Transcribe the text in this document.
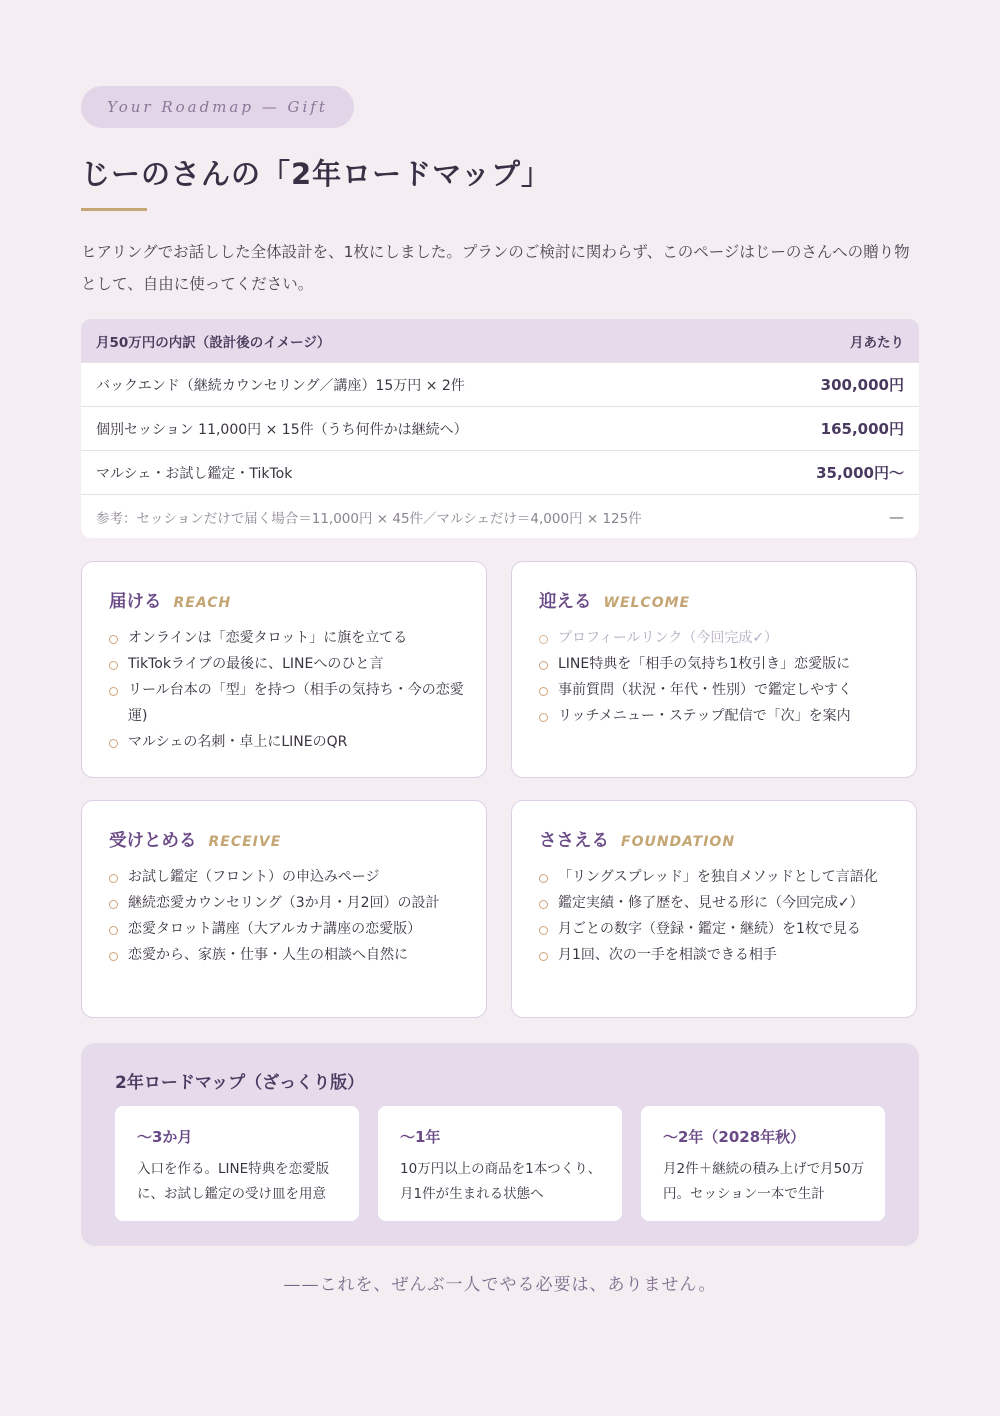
Your Roadmap — Gift
じーのさんの「2年ロードマップ」

ヒアリングでお話しした全体設計を、1枚にしました。プランのご検討に関わらず、このページはじーのさんへの贈り物として、自由に使ってください。

月50万円の内訳（設計後のイメージ）	月あたり
バックエンド（継続カウンセリング／講座）15万円 × 2件	300,000円
個別セッション 11,000円 × 15件（うち何件かは継続へ）	165,000円
マルシェ・お試し鑑定・TikTok	35,000円〜
参考：セッションだけで届く場合＝11,000円 × 45件／マルシェだけ＝4,000円 × 125件	—
届ける REACH
オンラインは「恋愛タロット」に旗を立てる
TikTokライブの最後に、LINEへのひと言
リール台本の「型」を持つ（相手の気持ち・今の恋愛運)
マルシェの名刺・卓上にLINEのQR
迎える WELCOME
プロフィールリンク（今回完成✓）
LINE特典を「相手の気持ち1枚引き」恋愛版に
事前質問（状況・年代・性別）で鑑定しやすく
リッチメニュー・ステップ配信で「次」を案内
受けとめる RECEIVE
お試し鑑定（フロント）の申込みページ
継続恋愛カウンセリング（3か月・月2回）の設計
恋愛タロット講座（大アルカナ講座の恋愛版）
恋愛から、家族・仕事・人生の相談へ自然に
ささえる FOUNDATION
「リングスプレッド」を独自メソッドとして言語化
鑑定実績・修了歴を、見せる形に（今回完成✓）
月ごとの数字（登録・鑑定・継続）を1枚で見る
月1回、次の一手を相談できる相手
2年ロードマップ（ざっくり版）
〜3か月
入口を作る。LINE特典を恋愛版に、お試し鑑定の受け皿を用意
〜1年
10万円以上の商品を1本つくり、月1件が生まれる状態へ
〜2年（2028年秋）
月2件＋継続の積み上げで月50万円。セッション一本で生計
——これを、ぜんぶ一人でやる必要は、ありません。
